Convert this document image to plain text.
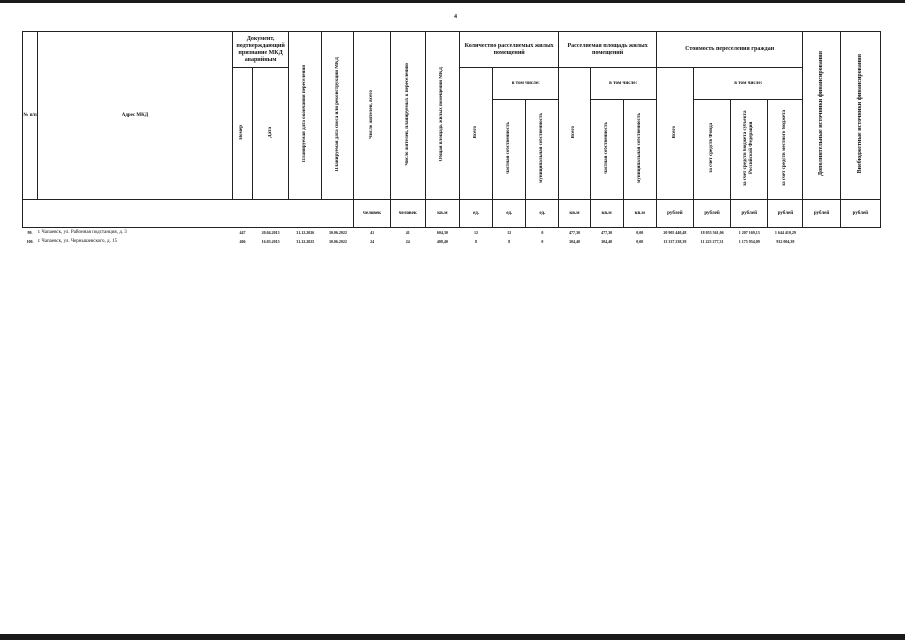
4
№ п/п	Адрес МКД	Документ, подтверждающий признание МКД аварийным		Планируемая дата окончания переселения	Планируемая дата сноса или реконструкции МКД	Число жителей, всего	Число жителей, планируемых к переселению	Общая площадь жилых помещений МКД	Количество расселяемых жилых помещений			Расселяемая площадь жилых помещений			Стоимость переселения граждан				Дополнительные источники финансирования	Внебюджетные источники финансирования
		Номер	Дата						Всего	в том числе:		Всего	в том числе:		Всего	в том числе:				
										частная собственность	муниципальная собственность		частная собственность	муниципальная собственность		за счет средств Фонда	за счет средств бюджета субъекта Российской Федерации	за счет средств местного бюджета		
						человек	человек	кв.м	ед.	ед.	ед.	кв.м	кв.м	кв.м	рублей	рублей	рублей	рублей	рублей	рублей
99.	г. Чапаевск, ул. Районная подстанция, д. 3	447	20.04.2015	31.12.2026	30.06.2022	41	41	604,30	12	12	0	477,30	477,30	0,00	20 905 440,48	18 053 561,06	1 207 169,13	1 644 410,29		
100.	г. Чапаевск, ул. Чернышевского, д. 15	406	16.03.2015	31.12.2025	30.06.2022	24	24	408,40	8	8	0	304,40	304,40	0,00	13 337 238,39	11 223 277,31	1 175 954,09	932 004,39		
